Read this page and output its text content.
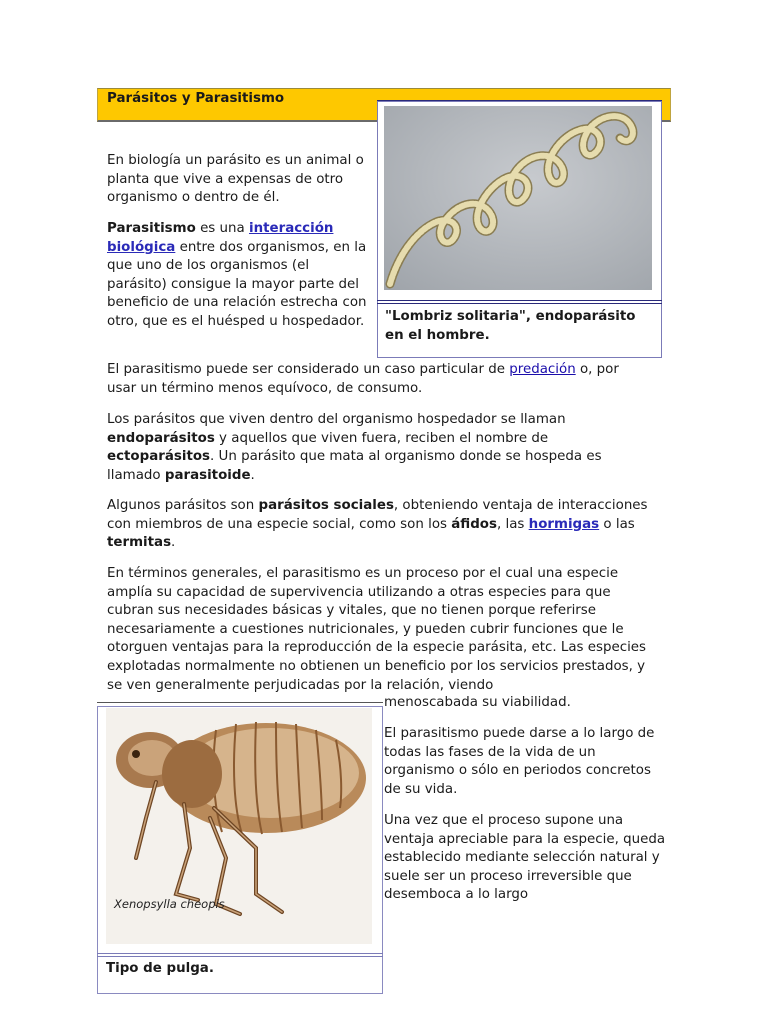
Parásitos y Parasitismo
"Lombriz solitaria", endoparásito en el hombre.

En biología un parásito es un animal o planta que vive a expensas de otro organismo o dentro de él.

Parasitismo es una interacción biológica entre dos organismos, en la que uno de los organismos (el parásito) consigue la mayor parte del beneficio de una relación estrecha con otro, que es el huésped u hospedador.

El parasitismo puede ser considerado un caso particular de predación o, por usar un término menos equívoco, de consumo.

Los parásitos que viven dentro del organismo hospedador se llaman endoparásitos y aquellos que viven fuera, reciben el nombre de ectoparásitos. Un parásito que mata al organismo donde se hospeda es llamado parasitoide.

Algunos parásitos son parásitos sociales, obteniendo ventaja de interacciones con miembros de una especie social, como son los áfidos, las hormigas o las termitas.

En términos generales, el parasitismo es un proceso por el cual una especie amplía su capacidad de supervivencia utilizando a otras especies para que cubran sus necesidades básicas y vitales, que no tienen porque referirse necesariamente a cuestiones nutricionales, y pueden cubrir funciones que le otorguen ventajas para la reproducción de la especie parásita, etc. Las especies explotadas normalmente no obtienen un beneficio por los servicios prestados, y se ven generalmente perjudicadas por la relación, viendo

menoscabada su viabilidad.

Xenopsylla cheopis
Tipo de pulga.

El parasitismo puede darse a lo largo de todas las fases de la vida de un organismo o sólo en periodos concretos de su vida.

Una vez que el proceso supone una ventaja apreciable para la especie, queda establecido mediante selección natural y suele ser un proceso irreversible que desemboca a lo largo
